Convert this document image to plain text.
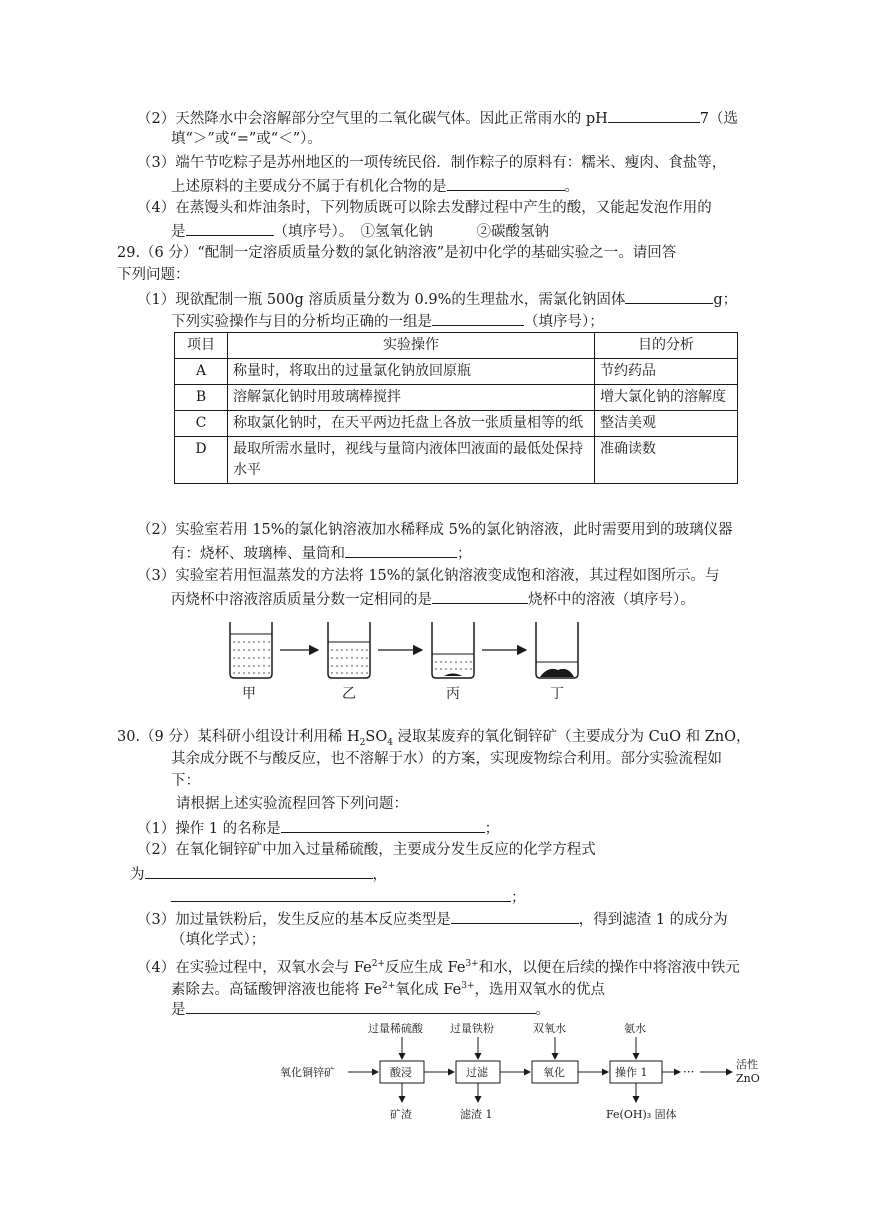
（2）天然降水中会溶解部分空气里的二氧化碳气体。因此正常雨水的 pH	7（选
填“＞”或“=”或“＜”）。
（3）端午节吃粽子是苏州地区的一项传统民俗．制作粽子的原料有：糯米、瘦肉、食盐等，
上述原料的主要成分不属于有机化合物的是	。
（4）在蒸馒头和炸油条时，下列物质既可以除去发酵过程中产生的酸，又能起发泡作用的
是	（填序号）。　①氢氧化钠　　　②碳酸氢钠
29.（6 分）“配制一定溶质质量分数的氯化钠溶液”是初中化学的基础实验之一。请回答
下列问题：
（1）现欲配制一瓶 500g 溶质质量分数为 0.9%的生理盐水，需氯化钠固体	g；
下列实验操作与目的分析均正确的一组是	（填序号）；
项目	实验操作	目的分析
A	称量时，将取出的过量氯化钠放回原瓶	节约药品
B	溶解氯化钠时用玻璃棒搅拌	增大氯化钠的溶解度
C	称取氯化钠时，在天平两边托盘上各放一张质量相等的纸	整洁美观
D	最取所需水量时，视线与量筒内液体凹液面的最低处保持水平	准确读数
（2）实验室若用 15%的氯化钠溶液加水稀释成 5%的氯化钠溶液，此时需要用到的玻璃仪器
有：烧杯、玻璃棒、量筒和	；
（3）实验室若用恒温蒸发的方法将 15%的氯化钠溶液变成饱和溶液，其过程如图所示。与
丙烧杯中溶液溶质质量分数一定相同的是	烧杯中的溶液（填序号）。
甲	乙	丙	丁
30.（9 分）某科研小组设计利用稀 $H_2SO_4$ 浸取某废弃的氧化铜锌矿（主要成分为 CuO 和 ZnO，
其余成分既不与酸反应，也不溶解于水）的方案，实现废物综合利用。部分实验流程如
下：
请根据上述实验流程回答下列问题：
（1）操作 1 的名称是	；
（2）在氧化铜锌矿中加入过量稀硫酸，主要成分发生反应的化学方程式
为	，
；
（3）加过量铁粉后，发生反应的基本反应类型是	，得到滤渣 1 的成分为
（填化学式）；
（4）在实验过程中，双氧水会与 $Fe^{2+}$反应生成 $Fe^{3+}$和水，以便在后续的操作中将溶液中铁元
素除去。高锰酸钾溶液也能将 $Fe^{2+}$氧化成 $Fe^{3+}$，选用双氧水的优点
是	。
氧化铜锌矿	酸浸	过滤	氧化	操作 1	···
活性
ZnO
过量稀硫酸 过量铁粉	双氧水	氨水
矿渣	滤渣 1	Fe(OH)₃ 固体
